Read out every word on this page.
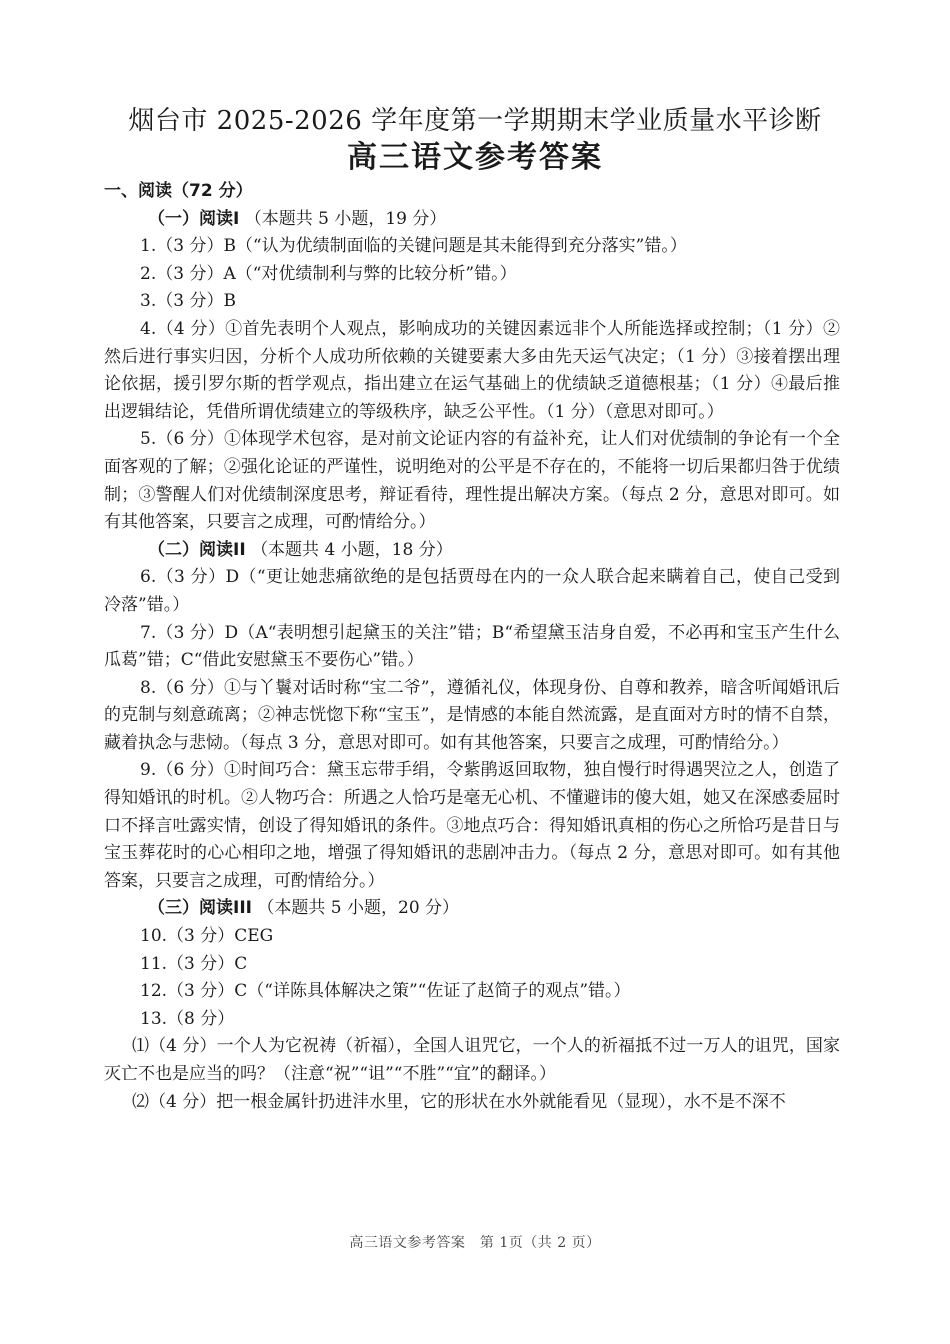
烟台市 2025-2026 学年度第一学期期末学业质量水平诊断
高三语文参考答案

一、阅读（72 分）

（一）阅读I （本题共 5 小题，19 分）

1.（3 分）B（“认为优绩制面临的关键问题是其未能得到充分落实”错。）

2.（3 分）A（“对优绩制利与弊的比较分析”错。）

3.（3 分）B

4.（4 分）①首先表明个人观点，影响成功的关键因素远非个人所能选择或控制；（1 分）②然后进行事实归因，分析个人成功所依赖的关键要素大多由先天运气决定；（1 分）③接着摆出理论依据，援引罗尔斯的哲学观点，指出建立在运气基础上的优绩缺乏道德根基；（1 分）④最后推出逻辑结论，凭借所谓优绩建立的等级秩序，缺乏公平性。（1 分）（意思对即可。）

5.（6 分）①体现学术包容，是对前文论证内容的有益补充，让人们对优绩制的争论有一个全面客观的了解；②强化论证的严谨性，说明绝对的公平是不存在的，不能将一切后果都归咎于优绩制；③警醒人们对优绩制深度思考，辩证看待，理性提出解决方案。（每点 2 分，意思对即可。如有其他答案，只要言之成理，可酌情给分。）

（二）阅读II （本题共 4 小题，18 分）

6.（3 分）D（“更让她悲痛欲绝的是包括贾母在内的一众人联合起来瞒着自己，使自己受到冷落”错。）

7.（3 分）D（A“表明想引起黛玉的关注”错；B“希望黛玉洁身自爱，不必再和宝玉产生什么瓜葛”错；C“借此安慰黛玉不要伤心”错。）

8.（6 分）①与丫鬟对话时称“宝二爷”，遵循礼仪，体现身份、自尊和教养，暗含听闻婚讯后的克制与刻意疏离；②神志恍惚下称“宝玉”，是情感的本能自然流露，是直面对方时的情不自禁，藏着执念与悲恸。（每点 3 分，意思对即可。如有其他答案，只要言之成理，可酌情给分。）

9.（6 分）①时间巧合：黛玉忘带手绢，令紫鹃返回取物，独自慢行时得遇哭泣之人，创造了得知婚讯的时机。②人物巧合：所遇之人恰巧是毫无心机、不懂避讳的傻大姐，她又在深感委屈时口不择言吐露实情，创设了得知婚讯的条件。③地点巧合：得知婚讯真相的伤心之所恰巧是昔日与宝玉葬花时的心心相印之地，增强了得知婚讯的悲剧冲击力。（每点 2 分，意思对即可。如有其他答案，只要言之成理，可酌情给分。）

（三）阅读III （本题共 5 小题，20 分）

10.（3 分）CEG

11.（3 分）C

12.（3 分）C（“详陈具体解决之策”“佐证了赵简子的观点”错。）

13.（8 分）

⑴（4 分）一个人为它祝祷（祈福），全国人诅咒它，一个人的祈福抵不过一万人的诅咒，国家灭亡不也是应当的吗？（注意“祝”“诅”“不胜”“宜”的翻译。）

⑵（4 分）把一根金属针扔进沣水里，它的形状在水外就能看见（显现），水不是不深不

高三语文参考答案　第 1页（共 2 页）
